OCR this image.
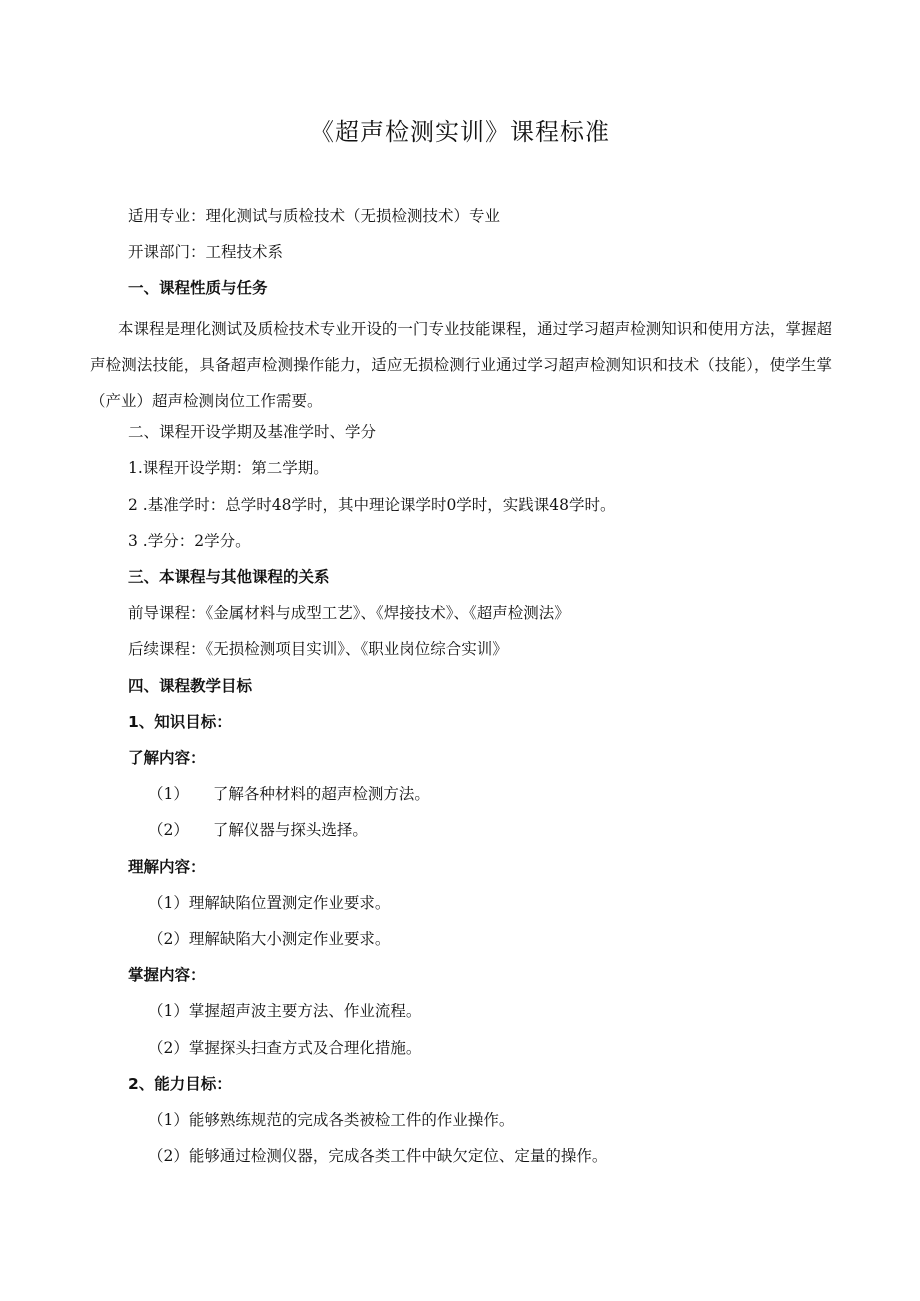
《超声检测实训》课程标准
适用专业：理化测试与质检技术（无损检测技术）专业
开课部门：工程技术系
一、课程性质与任务
本课程是理化测试及质检技术专业开设的一门专业技能课程，通过学习超声检测知识和使用方法，掌握超声检测法技能，具备超声检测操作能力，适应无损检测行业通过学习超声检测知识和技术（技能），使学生掌（产业）超声检测岗位工作需要。
二、课程开设学期及基准学时、学分
1.课程开设学期：第二学期。
2 .基准学时：总学时48学时，其中理论课学时0学时，实践课48学时。
3 .学分：2学分。
三、本课程与其他课程的关系
前导课程：《金属材料与成型工艺》、《焊接技术》、《超声检测法》
后续课程：《无损检测项目实训》、《职业岗位综合实训》
四、课程教学目标
1、知识目标：
了解内容：
（1） 了解各种材料的超声检测方法。
（2） 了解仪器与探头选择。
理解内容：
（1）理解缺陷位置测定作业要求。
（2）理解缺陷大小测定作业要求。
掌握内容：
（1）掌握超声波主要方法、作业流程。
（2）掌握探头扫查方式及合理化措施。
2、能力目标：
（1）能够熟练规范的完成各类被检工件的作业操作。
（2）能够通过检测仪器，完成各类工件中缺欠定位、定量的操作。
